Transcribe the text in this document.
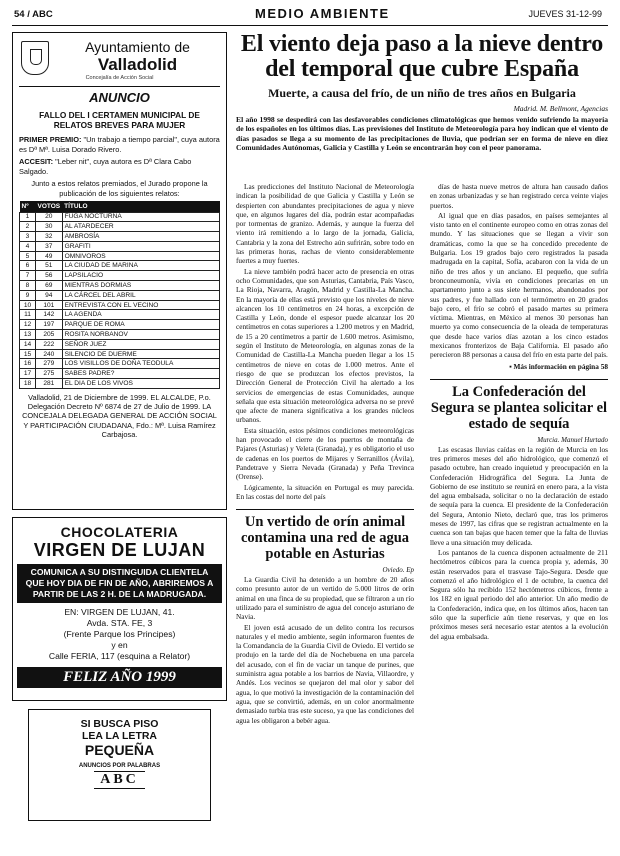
54 / ABC	MEDIO AMBIENTE	JUEVES 31-12-99
Ayuntamiento de
Valladolid
Concejalía de Acción Social
ANUNCIO
FALLO DEL I CERTAMEN MUNICIPAL DE RELATOS BREVES PARA MUJER
PRIMER PREMIO: "Un trabajo a tiempo parcial", cuya autora es Dª Mª. Luisa Dorado Rivero.
ACCESIT: "Leber nit", cuya autora es Dª Clara Cabo Salgado.
Junto a estos relatos premiados, el Jurado propone la publicación de los siguientes relatos:
Nº	VOTOS	TÍTULO
1	20	FUGA NOCTURNA
2	30	AL ATARDECER
3	32	AMBROSÍA
4	37	GRAFITI
5	49	OMNIVOROS
6	51	LA CIUDAD DE MARINA
7	56	LAPSILACIO
8	69	MIENTRAS DORMIAS
9	94	LA CÁRCEL DEL ABRIL
10	101	ENTREVISTA CON EL VECINO
11	142	LA AGENDA
12	197	PARQUE DE ROMA
13	205	ROSITA NORBANOV
14	222	SEÑOR JUEZ
15	240	SILENCIO DE DUERME
16	279	LOS VISILLOS DE DOÑA TEODULA
17	275	SABES PADRE?
18	281	EL DIA DE LOS VIVOS
Valladolid, 21 de Diciembre de 1999. EL ALCALDE, P.o. Delegación Decreto Nº 6874 de 27 de Julio de 1999. LA CONCEJALA DELEGADA GENERAL DE ACCIÓN SOCIAL Y PARTICIPACIÓN CIUDADANA, Fdo.: Mª. Luisa Ramírez Carbajosa.
CHOCOLATERIA
VIRGEN DE LUJAN
COMUNICA A SU DISTINGUIDA CLIENTELA QUE HOY DIA DE FIN DE AÑO, ABRIREMOS A PARTIR DE LAS 2 H. DE LA MADRUGADA.
EN: VIRGEN DE LUJAN, 41.
Avda. STA. FE, 3
(Frente Parque los Principes)
y en
Calle FERIA, 117 (esquina a Relator)
FELIZ AÑO 1999
SI BUSCA PISO
LEA LA LETRA
PEQUEÑA
ANUNCIOS POR PALABRAS
ABC
El viento deja paso a la nieve dentro del temporal que cubre España
Muerte, a causa del frío, de un niño de tres años en Bulgaria
Madrid. M. Bellmont, Agencias
El año 1998 se despedirá con las desfavorables condiciones climatológicas que hemos venido sufriendo la mayoría de los españoles en los últimos días. Las previsiones del Instituto de Meteorología para hoy indican que el viento de días pasados se llega a su momento de las precipitaciones de lluvia, que podrían ser en forma de nieve en diez Comunidades Autónomas, Galicia y Castilla y León se encontrarán hoy con el peor panorama.

Las predicciones del Instituto Nacional de Meteorología indican la posibilidad de que Galicia y Castilla y León se despierten con abundantes precipitaciones de agua y nieve que, en algunos lugares del día, podrán estar acompañadas por tormentas de granizo. Además, y aunque la fuerza del viento irá remitiendo a lo largo de la jornada, Galicia, Cantabria y la zona del Estrecho aún sufrirán, sobre todo en las primeras horas, rachas de viento considerablemente fuertes a muy fuertes.

La nieve también podrá hacer acto de presencia en otras ocho Comunidades, que son Asturias, Cantabria, País Vasco, La Rioja, Navarra, Aragón, Madrid y Castilla-La Mancha. En la mayoría de ellas está previsto que los niveles de nieve alcancen los 10 centímetros en 24 horas, a excepción de Castilla y León, donde el espesor puede alcanzar los 20 centímetros en cotas superiores a 1.200 metros y en Madrid, de 15 a 20 centímetros a partir de 1.600 metros. Asimismo, según el Instituto de Meteorología, en algunas zonas de la Comunidad de Castilla-La Mancha pueden llegar a los 15 centímetros de nieve en cotas de 1.000 metros. Ante el riesgo de que se produzcan los efectos previstos, la Dirección General de Protección Civil ha alertado a los servicios de emergencias de estas Comunidades, aunque señala que esta situación meteorológica adversa no se prevé que afecte de manera significativa a los grandes núcleos urbanos.

Esta situación, estos pésimos condiciones meteorológicas han provocado el cierre de los puertos de montaña de Pajares (Asturias) y Veleta (Granada), y es obligatorio el uso de cadenas en los puertos de Mijares y Serranillos (Ávila), Pandetrave y Sierra Nevada (Granada) y Peña Trevinca (Orense).

Lógicamente, la situación en Portugal es muy parecida. En las costas del norte del país

Un vertido de orín animal contamina una red de agua potable en Asturias
Oviedo. Ep

La Guardia Civil ha detenido a un hombre de 20 años como presunto autor de un vertido de 5.000 litros de orín animal en una finca de su propiedad, que se filtraron a un río utilizado para el suministro de agua del concejo asturiano de Navia.

El joven está acusado de un delito contra los recursos naturales y el medio ambiente, según informaron fuentes de la Comandancia de la Guardia Civil de Oviedo. El vertido se produjo en la tarde del día de Nochebuena en una parcela del acusado, con el fin de vaciar un tanque de purines, que suministra agua potable a los barrios de Navia, Villaordre, y Andés. Los vecinos se quejaron del mal olor y sabor del agua, lo que motivó la investigación de la contaminación del agua, que se convirtió, además, en un color anormalmente demasiado turbia tras este suceso, ya que las condiciones del agua les obligaron a bebér agua.

días de hasta nueve metros de altura han causado daños en zonas urbanizadas y se han registrado cerca veinte viajes puertos.

Al igual que en días pasados, en países semejantes al visto tanto en el continente europeo como en otras zonas del mundo. Y las situaciones que se llegan a vivir son dramáticas, como la que se ha concedido precedente de Bulgaria. Los 19 grados bajo cero registrados la pasada madrugada en la capital, Sofía, acabaron con la vida de un niño de tres años y un anciano. El pequeño, que sufría bronconeumonía, vivía en condiciones precarias en un apartamento junto a sus siete hermanos, abandonados por sus padres, y fue hallado con el termómetro en 20 grados bajo cero, el frío se cobró el pasado martes su primera víctima. Mientras, en México al menos 30 personas han muerto ya como consecuencia de la oleada de temperaturas que desde hace varios días azotan a los cinco estados mexicanos fronterizos de Baja California. El pasado año perecieron 88 personas a causa del frío en esta parte del país.

▪ Más información en página 58
La Confederación del Segura se plantea solicitar el estado de sequía
Murcia. Manuel Hurtado

Las escasas lluvias caídas en la región de Murcia en los tres primeros meses del año hidrológico, que comenzó el pasado octubre, han creado inquietud y preocupación en la Confederación Hidrográfica del Segura. La Junta de Gobierno de ese instituto se reunirá en enero para, a la vista del agua embalsada, solicitar o no la declaración de estado de sequía para la cuenca. El presidente de la Confederación del Segura, Antonio Nieto, declaró que, tras los primeros meses de 1997, las cifras que se registran actualmente en la cuenca son tan bajas que hacen temer que la falta de lluvias lleve a una situación muy delicada.

Los pantanos de la cuenca disponen actualmente de 211 hectómetros cúbicos para la cuenca propia y, además, 30 están reservados para el trasvase Tajo-Segura. Desde que comenzó el año hidrológico el 1 de octubre, la cuenca del Segura sólo ha recibido 152 hectómetros cúbicos, frente a los 182 en igual periodo del año anterior. Un año medio de la Confederación, indica que, en los últimos años, hacen tan sólo que la superficie aún tiene reservas, y que en los próximos meses será necesario estar atentos a la evolución del agua embalsada.
